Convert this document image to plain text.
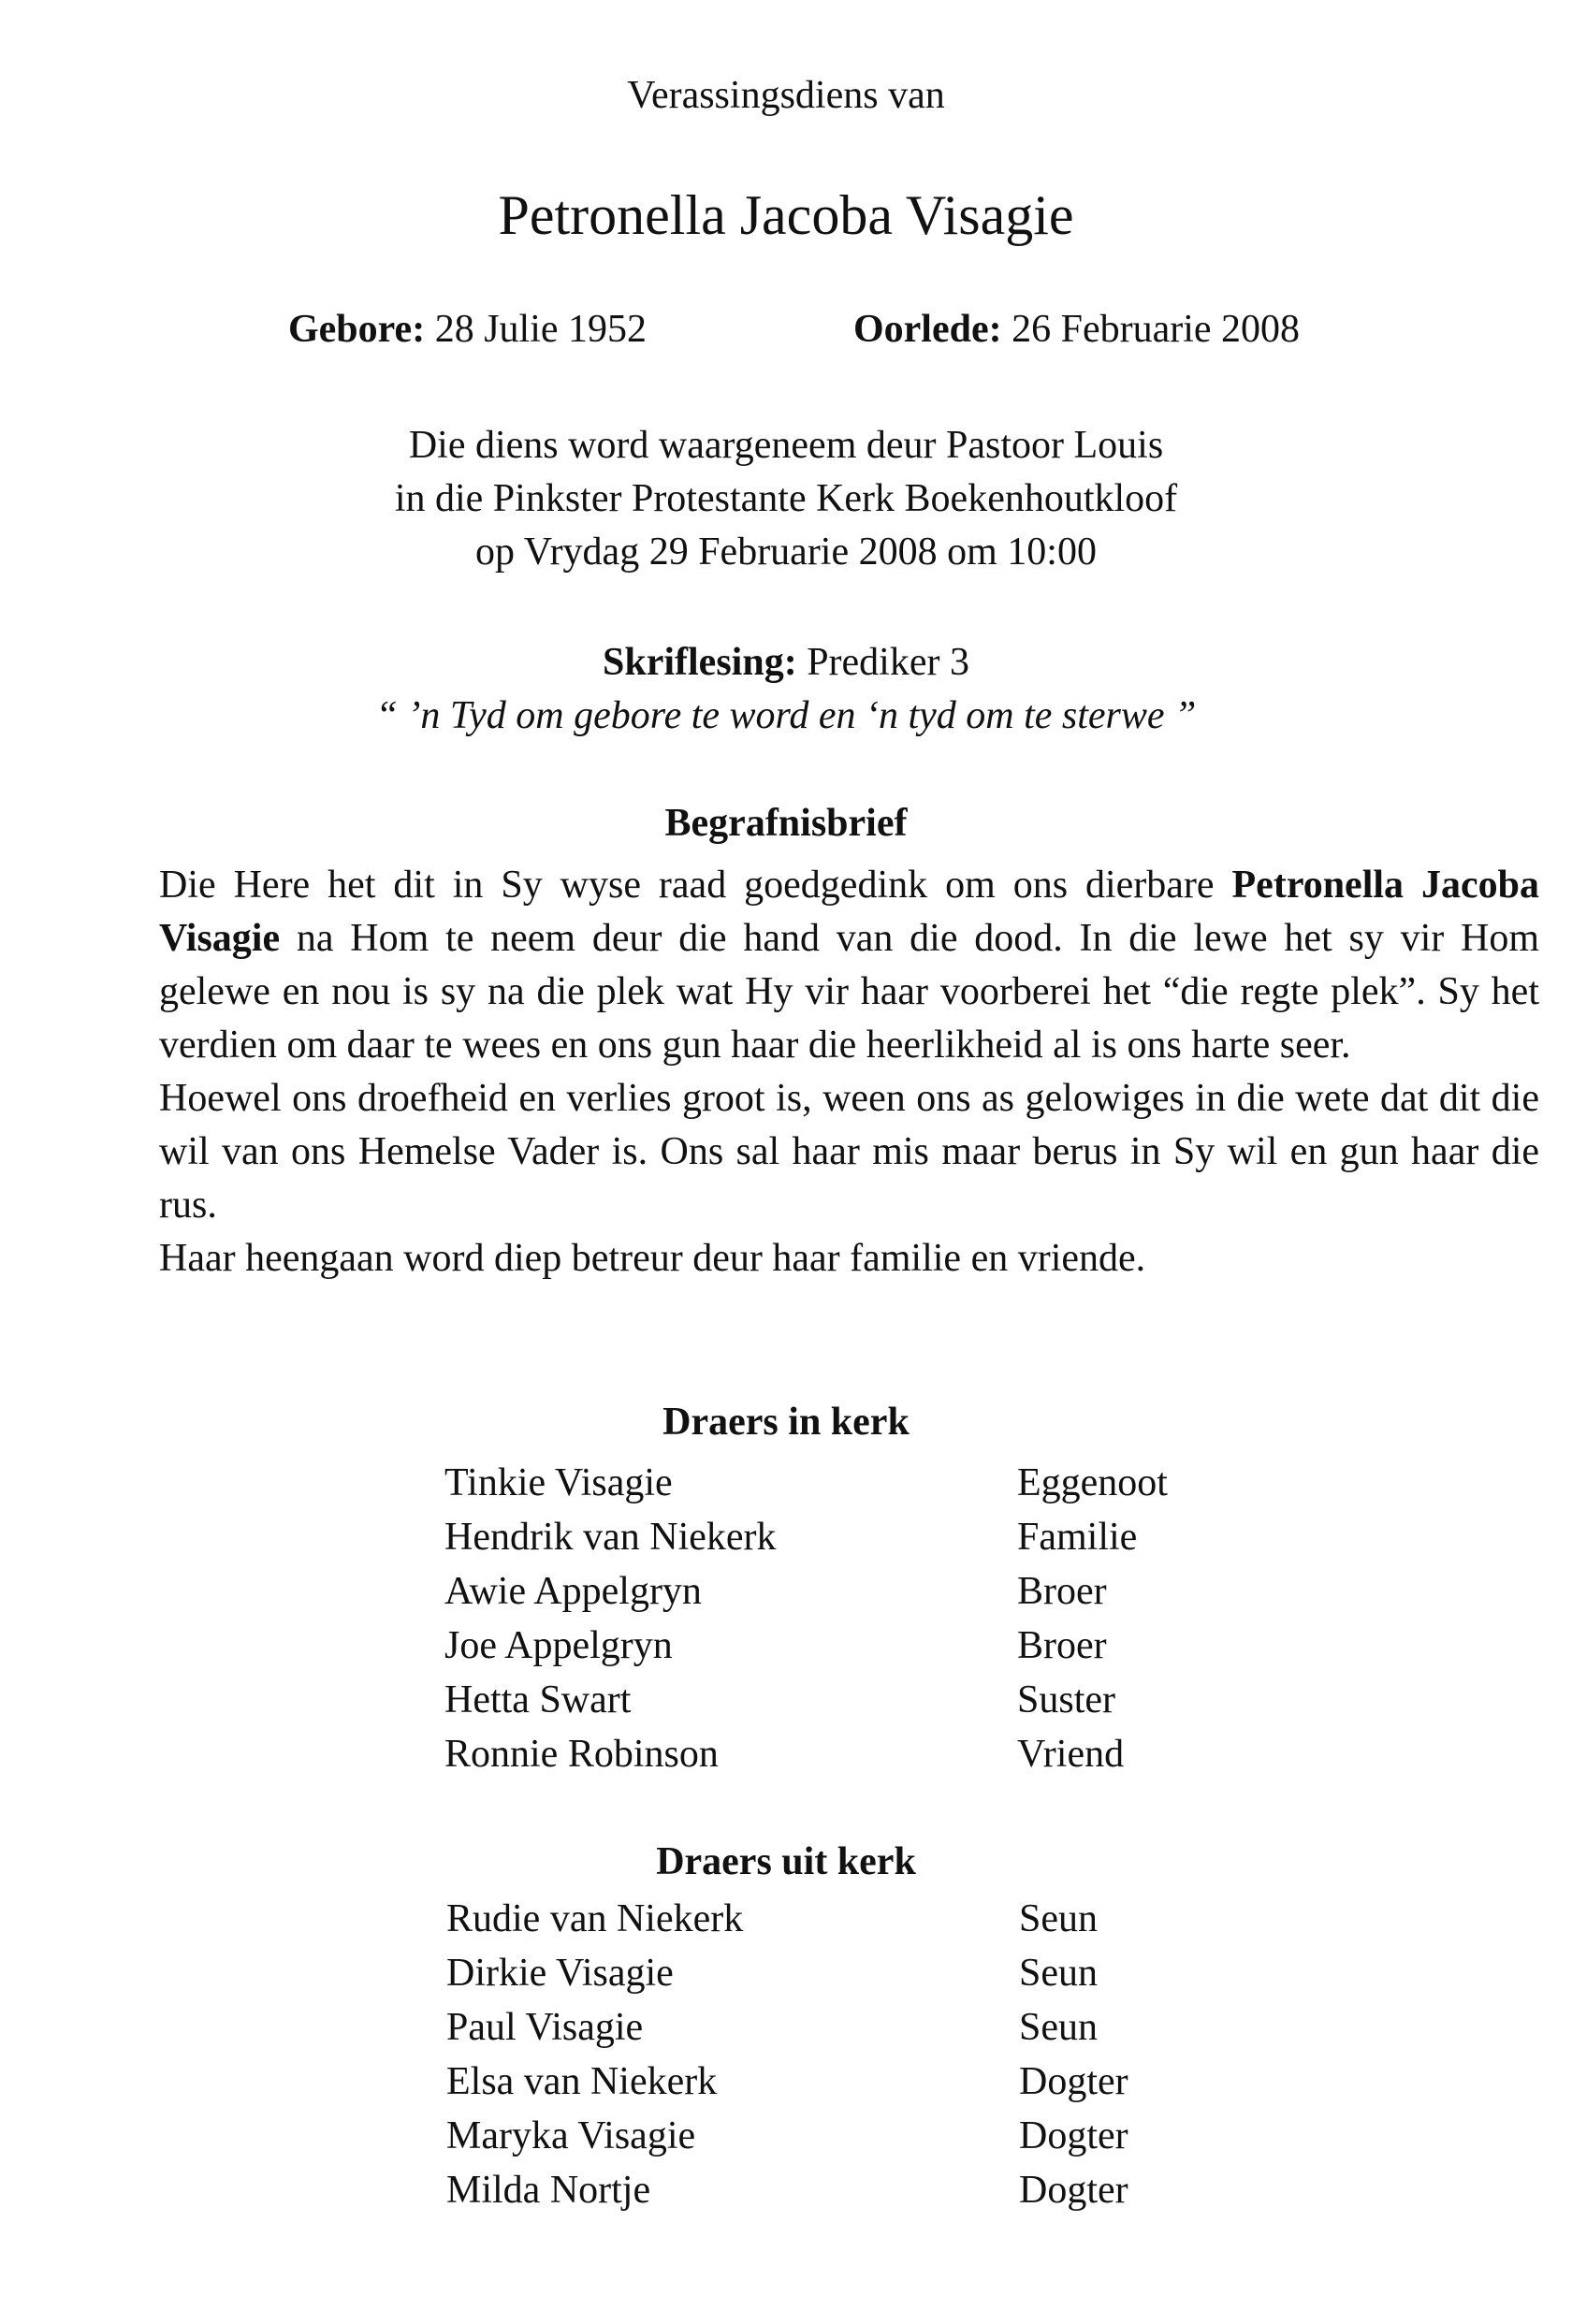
Verassingsdiens van
Petronella Jacoba Visagie
Gebore: 28 Julie 1952	Oorlede: 26 Februarie 2008
Die diens word waargeneem deur Pastoor Louis
in die Pinkster Protestante Kerk Boekenhoutkloof
op Vrydag 29 Februarie 2008 om 10:00
Skriflesing: Prediker 3
“ ’n Tyd om gebore te word en ‘n tyd om te sterwe ”
Begrafnisbrief

Die Here het dit in Sy wyse raad goedgedink om ons dierbare Petronella Jacoba Visagie na Hom te neem deur die hand van die dood. In die lewe het sy vir Hom gelewe en nou is sy na die plek wat Hy vir haar voorberei het “die regte plek”. Sy het verdien om daar te wees en ons gun haar die heerlikheid al is ons harte seer.

Hoewel ons droefheid en verlies groot is, ween ons as gelowiges in die wete dat dit die wil van ons Hemelse Vader is. Ons sal haar mis maar berus in Sy wil en gun haar die rus.

Haar heengaan word diep betreur deur haar familie en vriende.

Draers in kerk
Tinkie Visagie	Eggenoot
Hendrik van Niekerk	Familie
Awie Appelgryn	Broer
Joe Appelgryn	Broer
Hetta Swart	Suster
Ronnie Robinson	Vriend
Draers uit kerk
Rudie van Niekerk	Seun
Dirkie Visagie	Seun
Paul Visagie	Seun
Elsa van Niekerk	Dogter
Maryka Visagie	Dogter
Milda Nortje	Dogter
